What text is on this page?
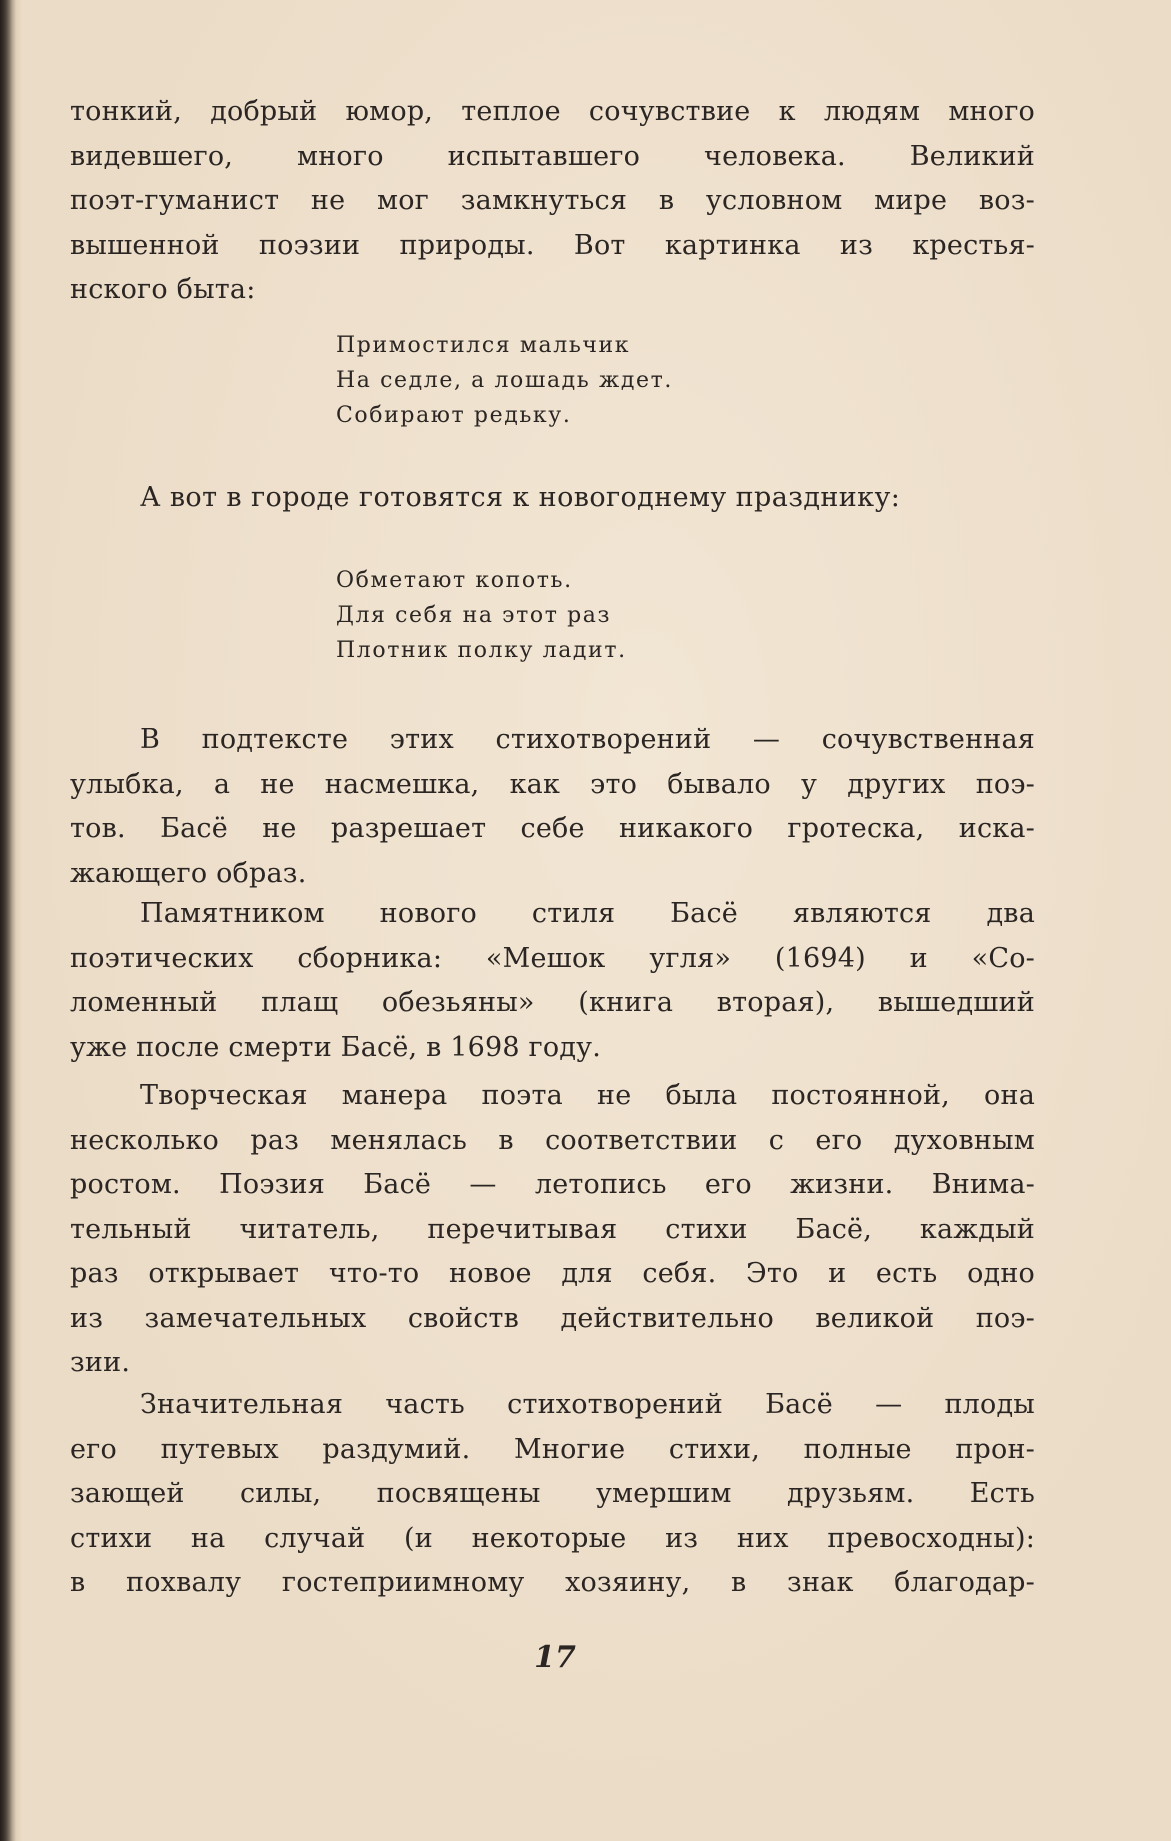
тонкий, добрый юмор, теплое сочувствие к людям много
видевшего, много испытавшего человека. Великий
поэт-гуманист не мог замкнуться в условном мире воз-
вышенной поэзии природы. Вот картинка из крестья-
нского быта:
Примостился мальчик
На седле, а лошадь ждет.
Собирают редьку.
А вот в городе готовятся к новогоднему празднику:
Обметают копоть.
Для себя на этот раз
Плотник полку ладит.
В подтексте этих стихотворений — сочувственная
улыбка, а не насмешка, как это бывало у других поэ-
тов. Басё не разрешает себе никакого гротеска, иска-
жающего образ.
Памятником нового стиля Басё являются два
поэтических сборника: «Мешок угля» (1694) и «Со-
ломенный плащ обезьяны» (книга вторая), вышедший
уже после смерти Басё, в 1698 году.
Творческая манера поэта не была постоянной, она
несколько раз менялась в соответствии с его духовным
ростом. Поэзия Басё — летопись его жизни. Внима-
тельный читатель, перечитывая стихи Басё, каждый
раз открывает что-то новое для себя. Это и есть одно
из замечательных свойств действительно великой поэ-
зии.
Значительная часть стихотворений Басё — плоды
его путевых раздумий. Многие стихи, полные прон-
зающей силы, посвящены умершим друзьям. Есть
стихи на случай (и некоторые из них превосходны):
в похвалу гостеприимному хозяину, в знак благодар-
17
